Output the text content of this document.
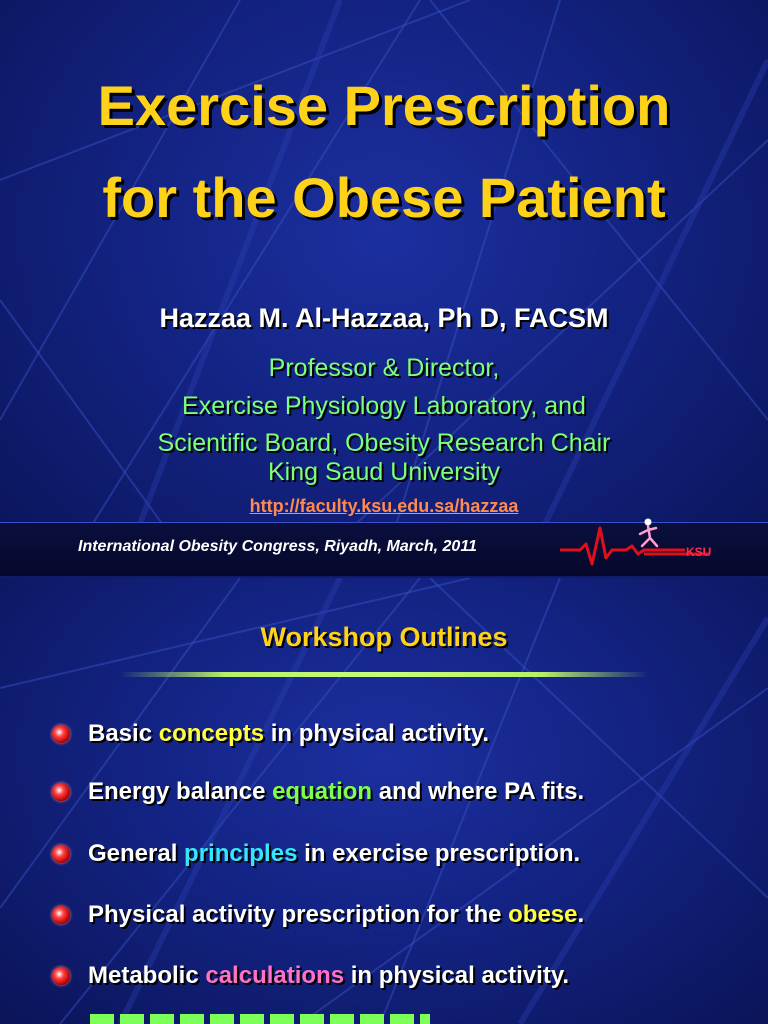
Exercise Prescription
for the Obese Patient
Hazzaa M. Al-Hazzaa, Ph D, FACSM
Professor & Director,
Exercise Physiology Laboratory, and
Scientific Board, Obesity Research Chair
King Saud University
http://faculty.ksu.edu.sa/hazzaa
International Obesity Congress, Riyadh, March, 2011	KSU
Workshop Outlines
Basic concepts in physical activity.
Energy balance equation and where PA fits.
General principles in exercise prescription.
Physical activity prescription for the obese.
Metabolic calculations in physical activity.
